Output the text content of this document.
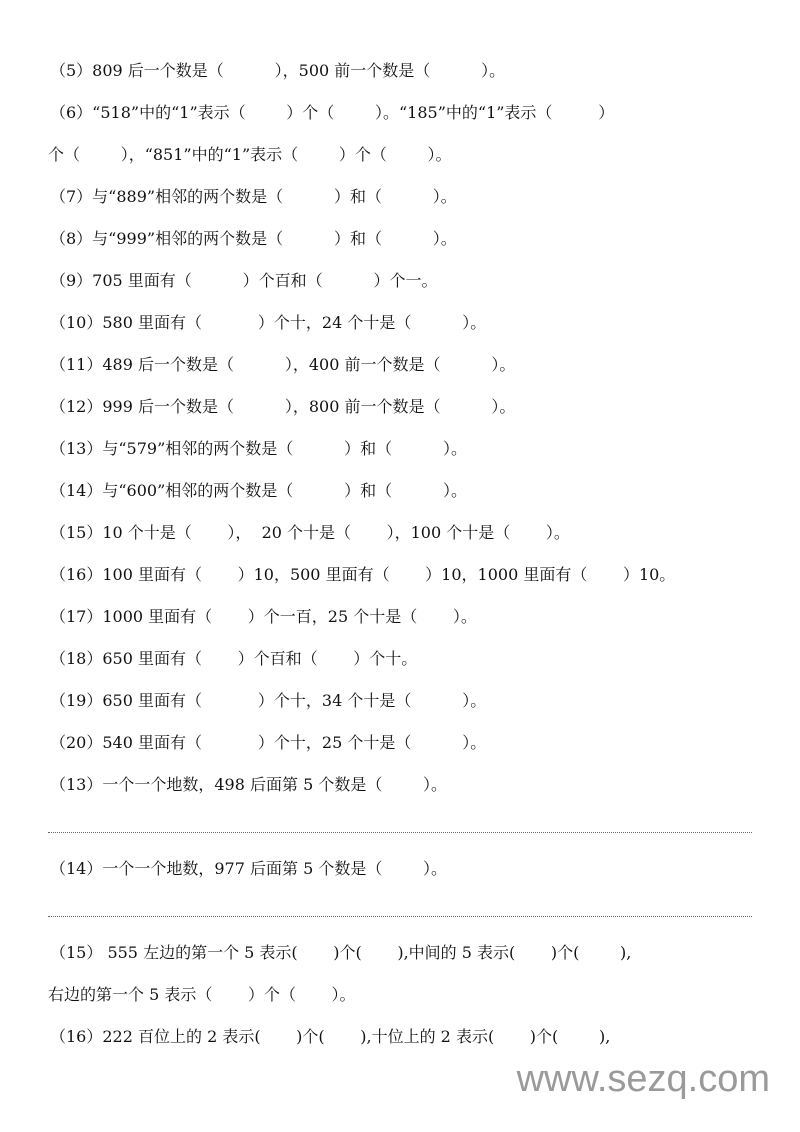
（5）809 后一个数是（          ），500 前一个数是（          ）。
（6）“518”中的“1”表示（        ）个（        ）。“185”中的“1”表示（         ）
个（        ），“851”中的“1”表示（        ）个（        ）。
（7）与“889”相邻的两个数是（          ）和（          ）。
（8）与“999”相邻的两个数是（          ）和（          ）。
（9）705 里面有（          ）个百和（          ）个一。
（10）580 里面有（           ）个十，24 个十是（          ）。
（11）489 后一个数是（          ），400 前一个数是（          ）。
（12）999 后一个数是（          ），800 前一个数是（          ）。
（13）与“579”相邻的两个数是（          ）和（          ）。
（14）与“600”相邻的两个数是（          ）和（          ）。
（15）10 个十是（       ），  20 个十是（       ），100 个十是（       ）。
（16）100 里面有（       ）10，500 里面有（       ）10，1000 里面有（       ）10。
（17）1000 里面有（       ）个一百，25 个十是（       ）。
（18）650 里面有（       ）个百和（       ）个十。
（19）650 里面有（           ）个十，34 个十是（          ）。
（20）540 里面有（           ）个十，25 个十是（          ）。
（13）一个一个地数，498 后面第 5 个数是（        ）。
（14）一个一个地数，977 后面第 5 个数是（        ）。
（15） 555 左边的第一个 5 表示(       )个(       ),中间的 5 表示(       )个(        ),
右边的第一个 5 表示（       ）个（       ）。
（16）222 百位上的 2 表示(       )个(       ),十位上的 2 表示(       )个(        ),
www.sezq.com
